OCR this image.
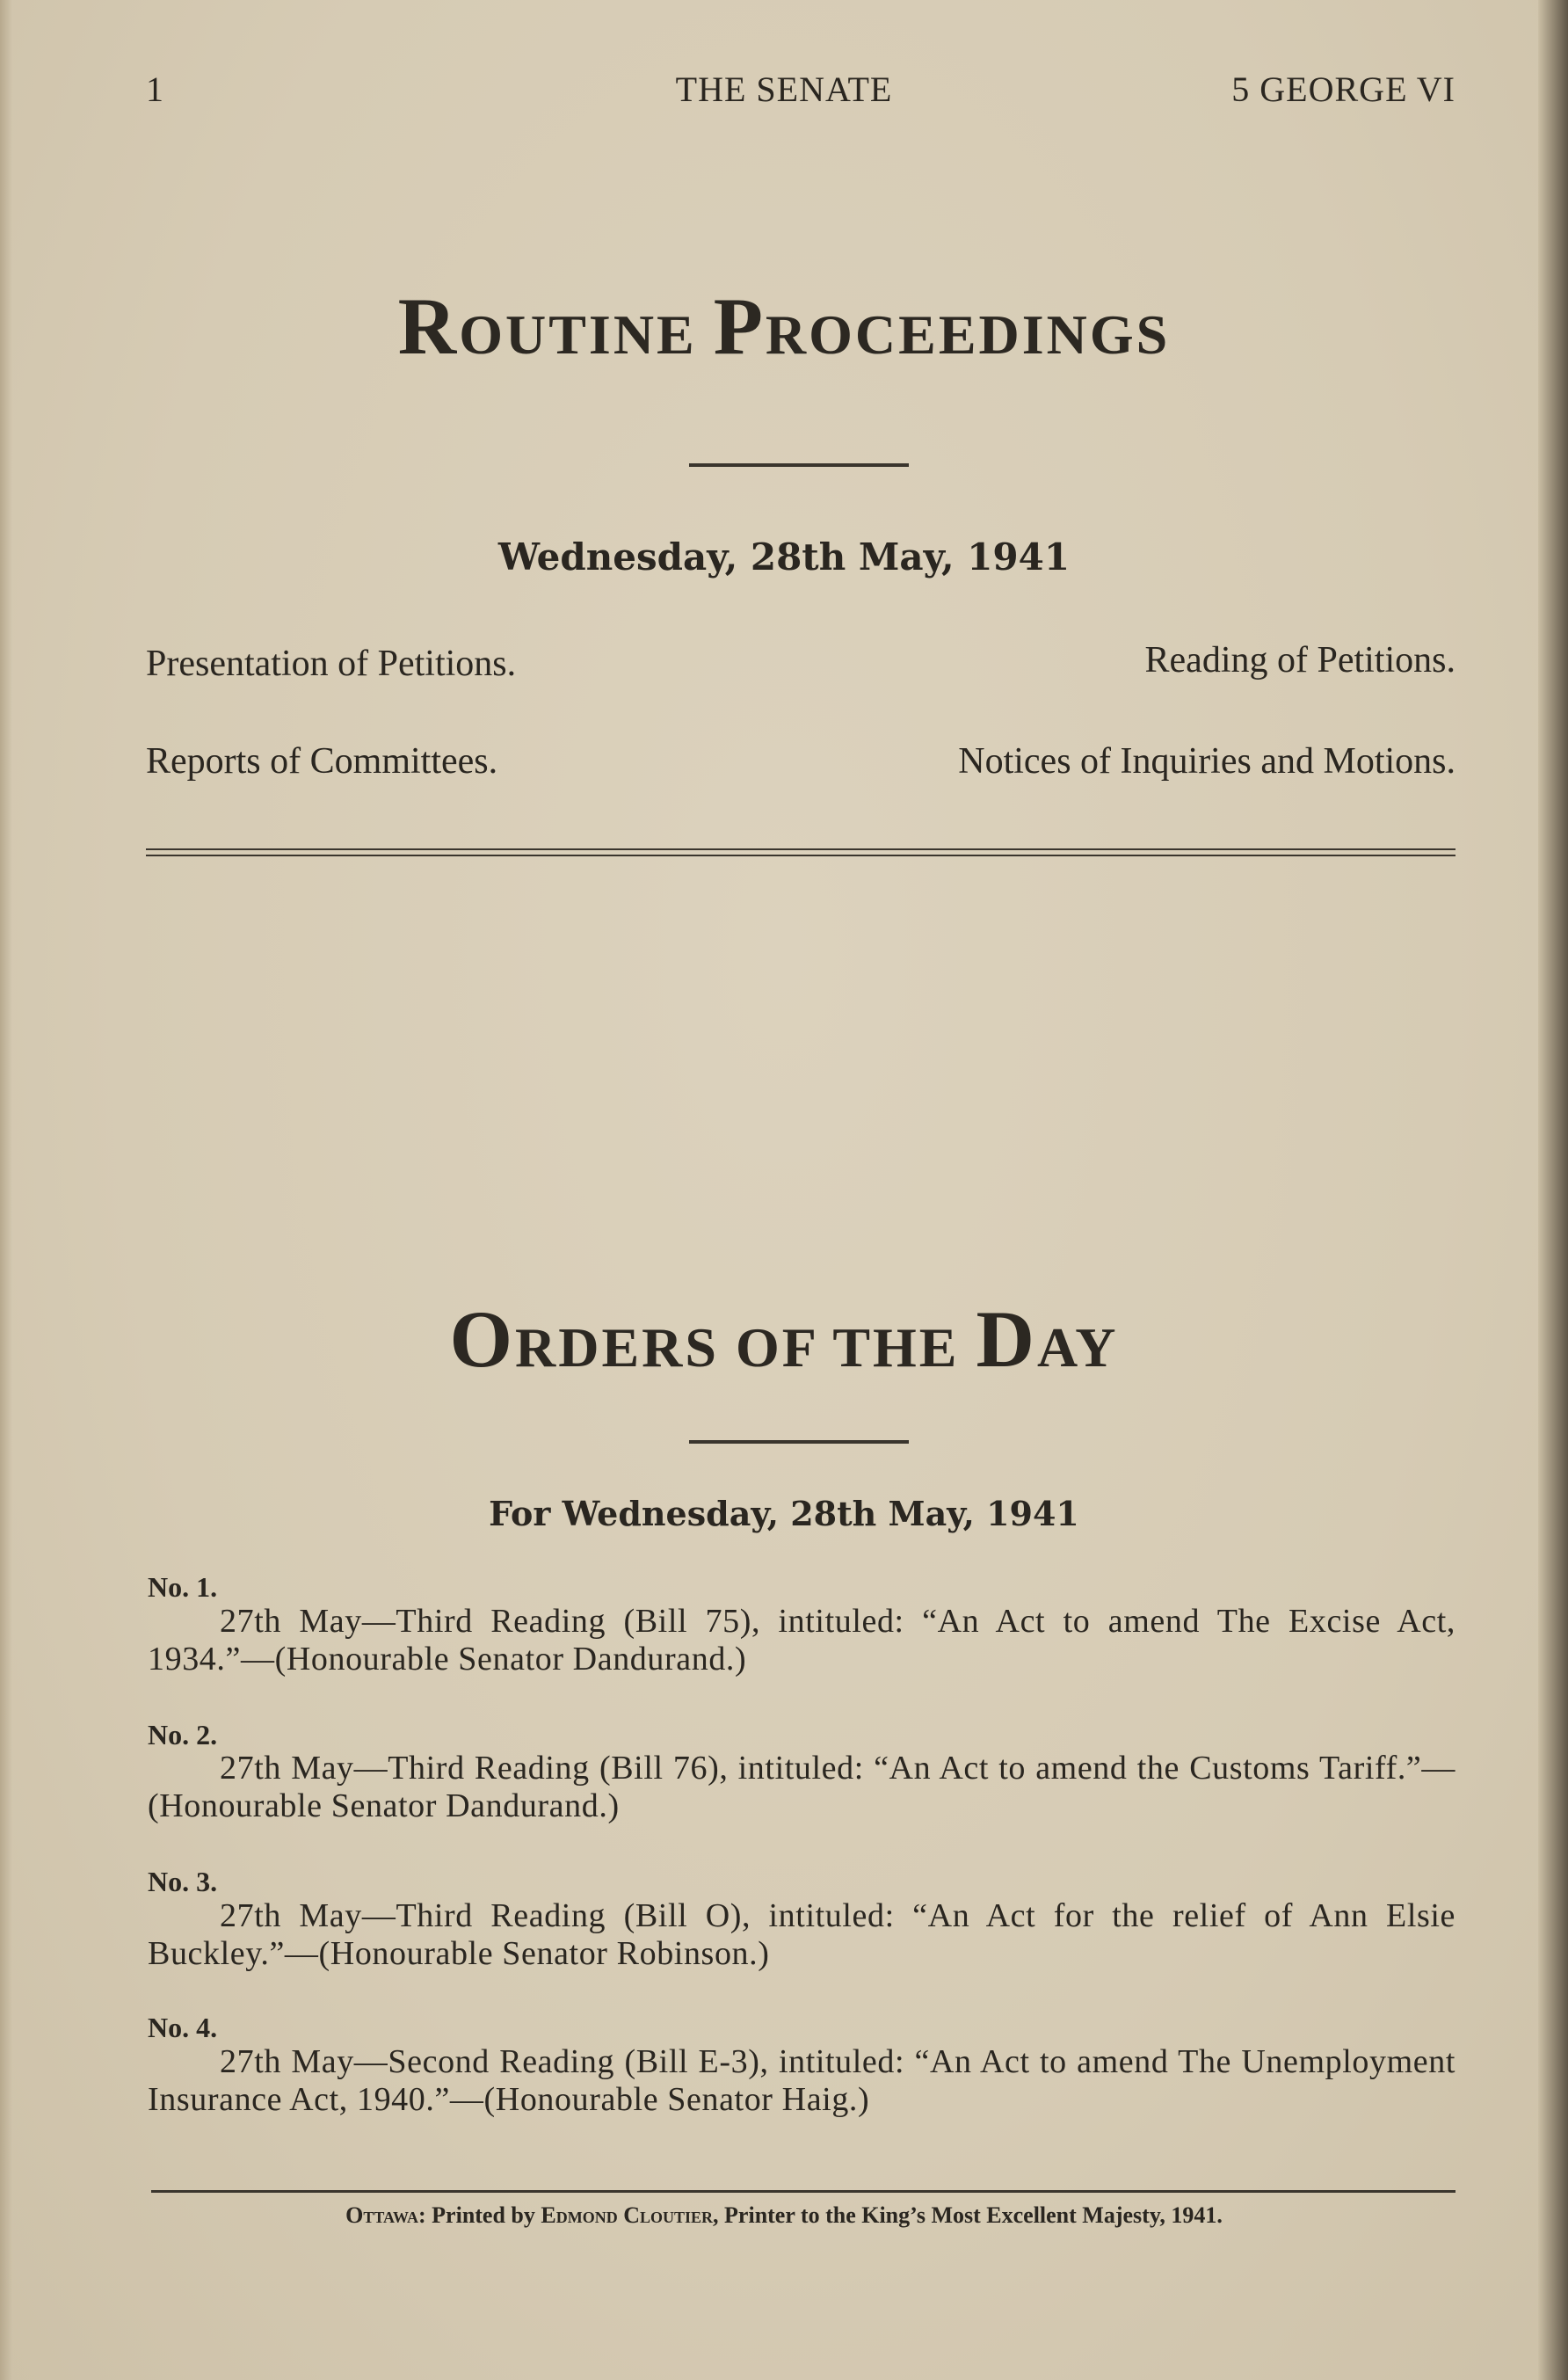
1	THE SENATE	5 GEORGE VI
ROUTINE PROCEEDINGS
Wednesday, 28th May, 1941
Presentation of Petitions.	Reading of Petitions.
Reports of Committees.	Notices of Inquiries and Motions.
ORDERS OF THE DAY
For Wednesday, 28th May, 1941
No. 1.
27th May—Third Reading (Bill 75), intituled: “An Act to amend The Excise Act, 1934.”—(Honourable Senator Dandurand.)
No. 2.
27th May—Third Reading (Bill 76), intituled: “An Act to amend the Customs Tariff.”—(Honourable Senator Dandurand.)
No. 3.
27th May—Third Reading (Bill O), intituled: “An Act for the relief of Ann Elsie Buckley.”—(Honourable Senator Robinson.)
No. 4.
27th May—Second Reading (Bill E-3), intituled: “An Act to amend The Unemployment Insurance Act, 1940.”—(Honourable Senator Haig.)
Ottawa: Printed by Edmond Cloutier, Printer to the King’s Most Excellent Majesty, 1941.
